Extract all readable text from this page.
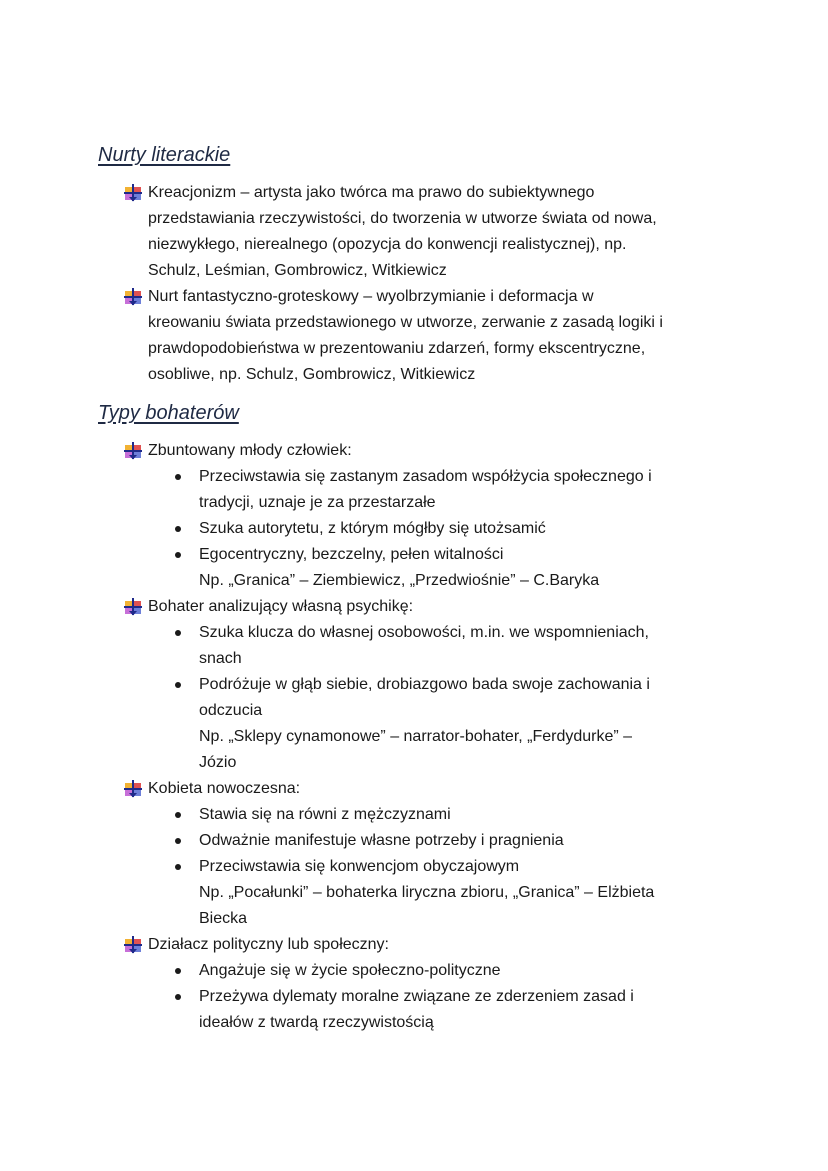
Nurty literackie
Kreacjonizm – artysta jako twórca ma prawo do subiektywnego
przedstawiania rzeczywistości, do tworzenia w utworze świata od nowa,
niezwykłego, nierealnego (opozycja do konwencji realistycznej), np.
Schulz, Leśmian, Gombrowicz, Witkiewicz
Nurt fantastyczno-groteskowy – wyolbrzymianie i deformacja w
kreowaniu świata przedstawionego w utworze, zerwanie z zasadą logiki i
prawdopodobieństwa w prezentowaniu zdarzeń, formy ekscentryczne,
osobliwe, np. Schulz, Gombrowicz, Witkiewicz
Typy bohaterów
Zbuntowany młody człowiek:
Przeciwstawia się zastanym zasadom współżycia społecznego i
tradycji, uznaje je za przestarzałe
Szuka autorytetu, z którym mógłby się utożsamić
Egocentryczny, bezczelny, pełen witalności
Np. „Granica” – Ziembiewicz, „Przedwiośnie” – C.Baryka
Bohater analizujący własną psychikę:
Szuka klucza do własnej osobowości, m.in. we wspomnieniach,
snach
Podróżuje w głąb siebie, drobiazgowo bada swoje zachowania i
odczucia
Np. „Sklepy cynamonowe” – narrator-bohater, „Ferdydurke” –
Józio
Kobieta nowoczesna:
Stawia się na równi z mężczyznami
Odważnie manifestuje własne potrzeby i pragnienia
Przeciwstawia się konwencjom obyczajowym
Np. „Pocałunki” – bohaterka liryczna zbioru, „Granica” – Elżbieta
Biecka
Działacz polityczny lub społeczny:
Angażuje się w życie społeczno-polityczne
Przeżywa dylematy moralne związane ze zderzeniem zasad i
ideałów z twardą rzeczywistością
